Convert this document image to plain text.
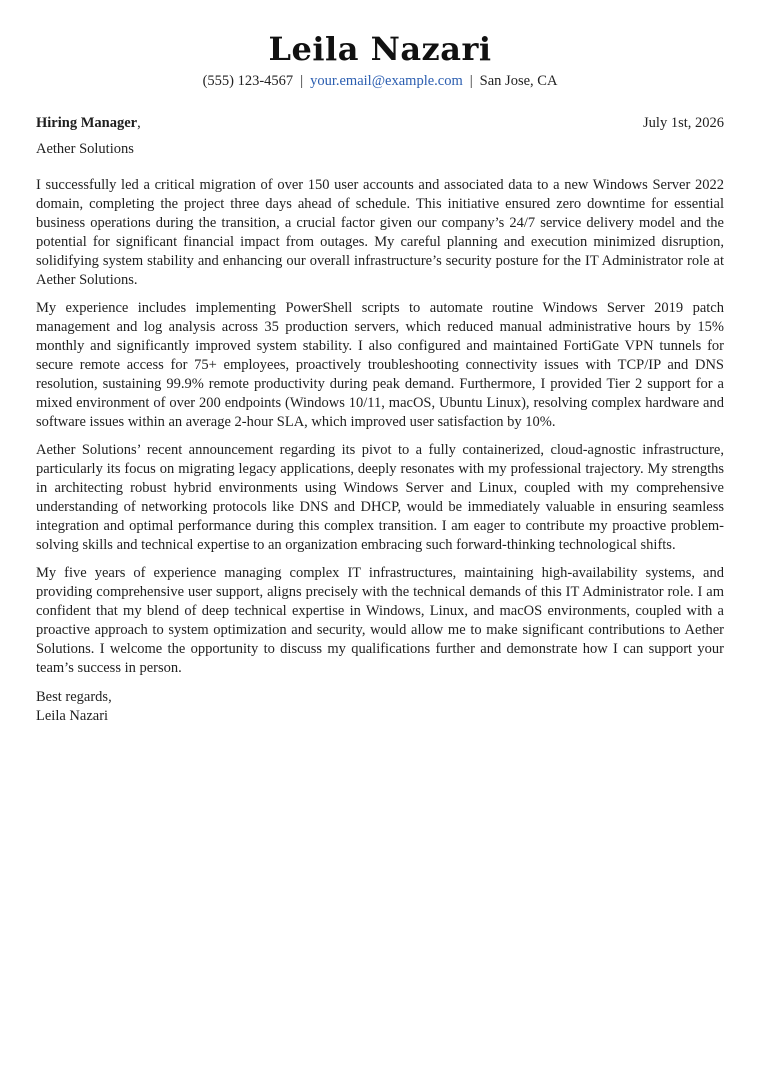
Leila Nazari
(555) 123-4567 | your.email@example.com | San Jose, CA
Hiring Manager,	July 1st, 2026
Aether Solutions

I successfully led a critical migration of over 150 user accounts and associated data to a new Windows Server 2022 domain, completing the project three days ahead of schedule. This initiative ensured zero downtime for essential business operations during the transition, a crucial factor given our company’s 24/7 service delivery model and the potential for significant financial impact from outages. My careful planning and execution minimized disruption, solidifying system stability and enhancing our overall infrastructure’s security posture for the IT Administrator role at Aether Solutions.

My experience includes implementing PowerShell scripts to automate routine Windows Server 2019 patch management and log analysis across 35 production servers, which reduced manual administrative hours by 15% monthly and significantly improved system stability. I also configured and maintained FortiGate VPN tunnels for secure remote access for 75+ employees, proactively troubleshooting connectivity issues with TCP/IP and DNS resolution, sustaining 99.9% remote productivity during peak demand. Furthermore, I provided Tier 2 support for a mixed environment of over 200 endpoints (Windows 10/11, macOS, Ubuntu Linux), resolving complex hardware and software issues within an average 2-hour SLA, which improved user satisfaction by 10%.

Aether Solutions’ recent announcement regarding its pivot to a fully containerized, cloud-agnostic infrastructure, particularly its focus on migrating legacy applications, deeply resonates with my professional trajectory. My strengths in architecting robust hybrid environments using Windows Server and Linux, coupled with my comprehensive understanding of networking protocols like DNS and DHCP, would be immediately valuable in ensuring seamless integration and optimal performance during this complex transition. I am eager to contribute my proactive problem-solving skills and technical expertise to an organization embracing such forward-thinking technological shifts.

My five years of experience managing complex IT infrastructures, maintaining high-availability systems, and providing comprehensive user support, aligns precisely with the technical demands of this IT Administrator role. I am confident that my blend of deep technical expertise in Windows, Linux, and macOS environments, coupled with a proactive approach to system optimization and security, would allow me to make significant contributions to Aether Solutions. I welcome the opportunity to discuss my qualifications further and demonstrate how I can support your team’s success in person.

Best regards,
Leila Nazari
